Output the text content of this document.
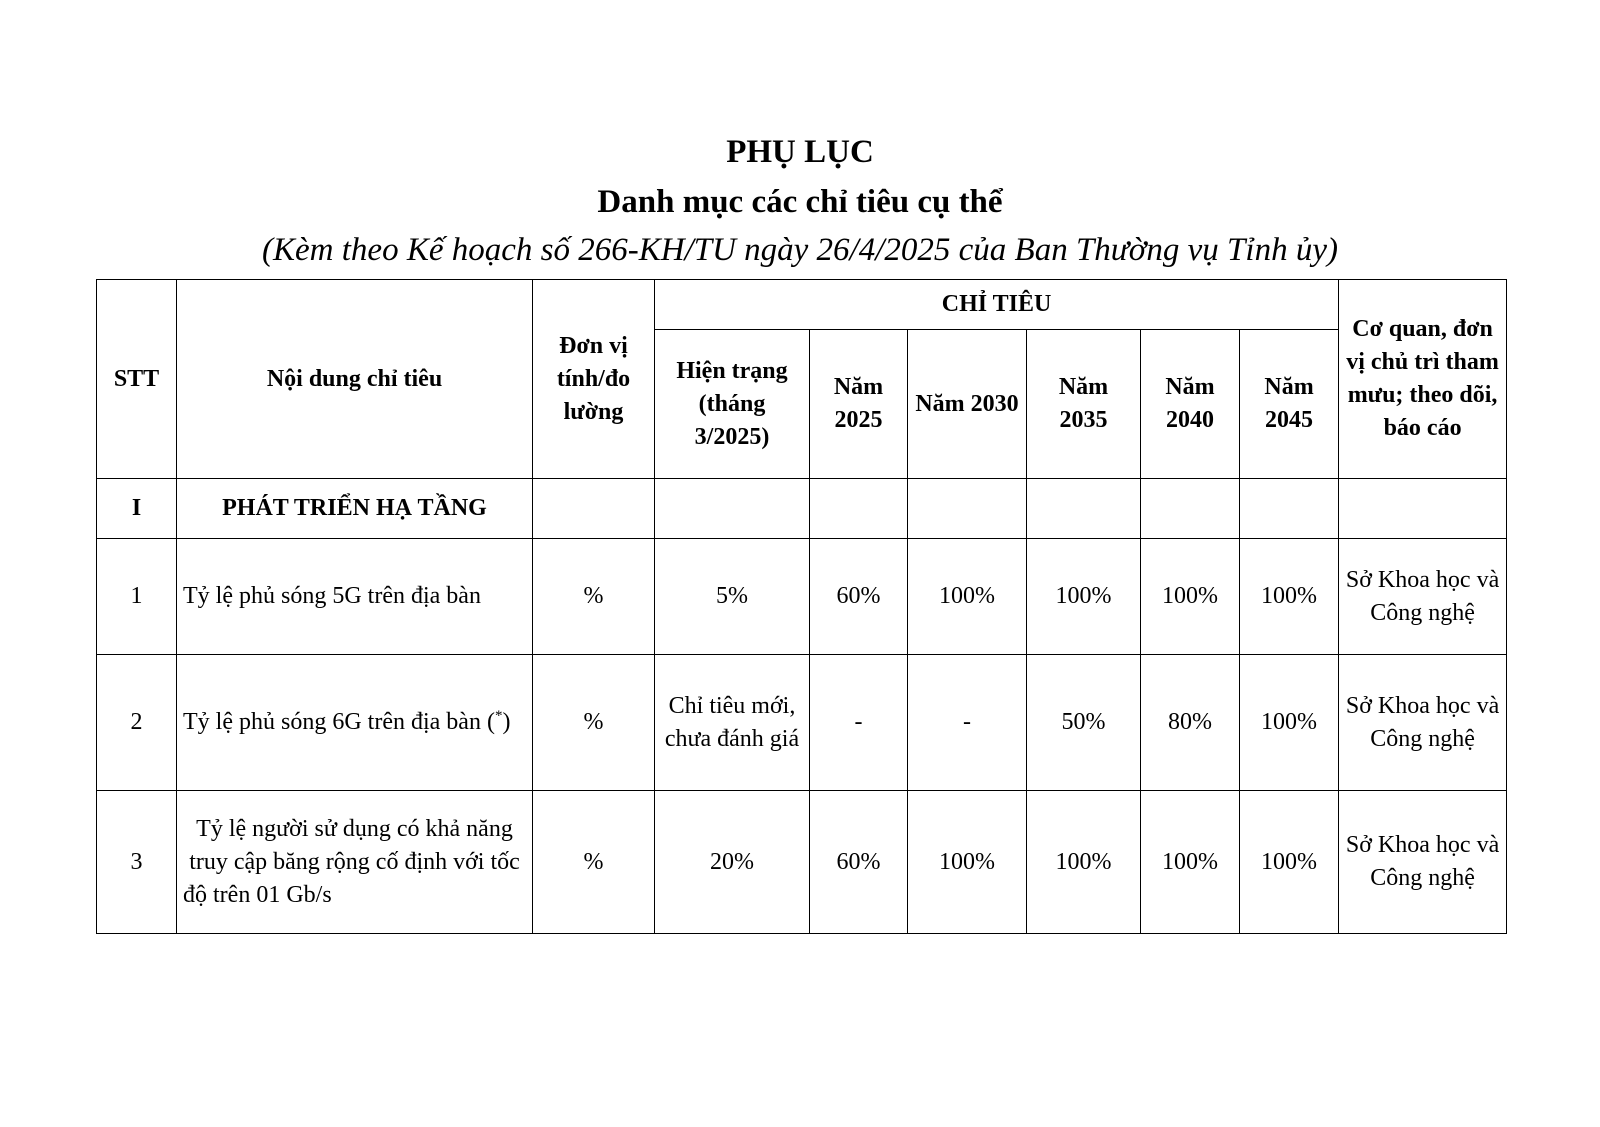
PHỤ LỤC
Danh mục các chỉ tiêu cụ thể
(Kèm theo Kế hoạch số 266-KH/TU ngày 26/4/2025 của Ban Thường vụ Tỉnh ủy)
STT	Nội dung chỉ tiêu	Đơn vị tính/đo lường	CHỈ TIÊU						Cơ quan, đơn vị chủ trì tham mưu; theo dõi, báo cáo
			Hiện trạng (tháng 3/2025)	Năm 2025	Năm 2030	Năm 2035	Năm 2040	Năm 2045	
I	PHÁT TRIỂN HẠ TẦNG								
1	Tỷ lệ phủ sóng 5G trên địa bàn	%	5%	60%	100%	100%	100%	100%	Sở Khoa học và Công nghệ
2	Tỷ lệ phủ sóng 6G trên địa bàn (*)	%	Chỉ tiêu mới, chưa đánh giá	-	-	50%	80%	100%	Sở Khoa học và Công nghệ
3	Tỷ lệ người sử dụng có khả năng truy cập băng rộng cố định với tốc độ trên 01 Gb/s	%	20%	60%	100%	100%	100%	100%	Sở Khoa học và Công nghệ
